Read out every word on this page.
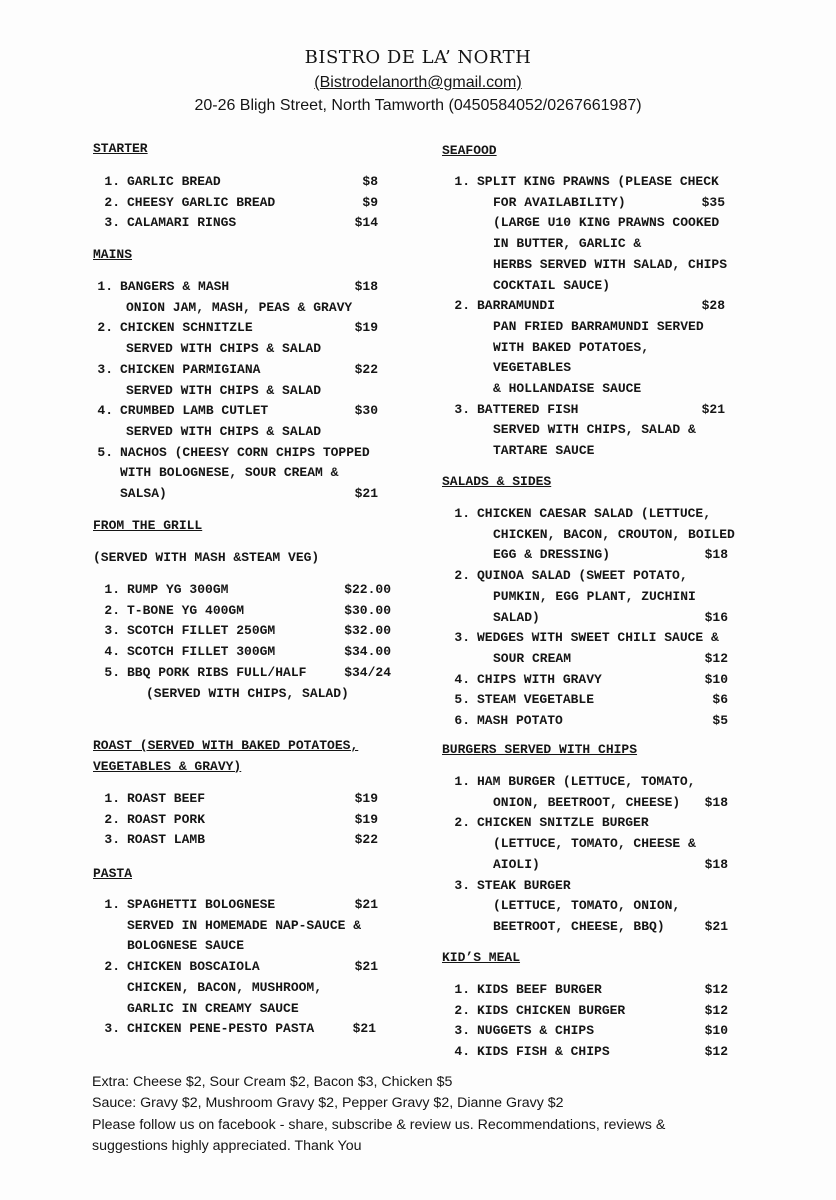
BISTRO DE LA’ NORTH
(Bistrodelanorth@gmail.com)
20-26 Bligh Street, North Tamworth (0450584052/0267661987)
STARTER
1. GARLIC BREAD	$8
2. CHEESY GARLIC BREAD	$9
3. CALAMARI RINGS	$14
MAINS
1. BANGERS & MASH	$18
ONION JAM, MASH, PEAS & GRAVY
2. CHICKEN SCHNITZLE	$19
SERVED WITH CHIPS & SALAD
3. CHICKEN PARMIGIANA	$22
SERVED WITH CHIPS & SALAD
4. CRUMBED LAMB CUTLET	$30
SERVED WITH CHIPS & SALAD
5. NACHOS (CHEESY CORN CHIPS TOPPED
WITH BOLOGNESE, SOUR CREAM &
SALSA)	$21
FROM THE GRILL
(SERVED WITH MASH &STEAM VEG)
1. RUMP YG 300GM	$22.00
2. T-BONE YG 400GM	$30.00
3. SCOTCH FILLET 250GM	$32.00
4. SCOTCH FILLET 300GM	$34.00
5. BBQ PORK RIBS FULL/HALF	$34/24
(SERVED WITH CHIPS, SALAD)
ROAST (SERVED WITH BAKED POTATOES,
VEGETABLES & GRAVY)
1. ROAST BEEF	$19
2. ROAST PORK	$19
3. ROAST LAMB	$22
PASTA
1. SPAGHETTI BOLOGNESE	$21
SERVED IN HOMEMADE NAP-SAUCE &
BOLOGNESE SAUCE
2. CHICKEN BOSCAIOLA	$21
CHICKEN, BACON, MUSHROOM,
GARLIC IN CREAMY SAUCE
3. CHICKEN PENE-PESTO PASTA	$21
SEAFOOD
1. SPLIT KING PRAWNS (PLEASE CHECK
FOR AVAILABILITY)	$35
(LARGE U10 KING PRAWNS COOKED
IN BUTTER, GARLIC &
HERBS SERVED WITH SALAD, CHIPS
COCKTAIL SAUCE)
2. BARRAMUNDI	$28
PAN FRIED BARRAMUNDI SERVED
WITH BAKED POTATOES,
VEGETABLES
& HOLLANDAISE SAUCE
3. BATTERED FISH	$21
SERVED WITH CHIPS, SALAD &
TARTARE SAUCE
SALADS & SIDES
1. CHICKEN CAESAR SALAD (LETTUCE,
CHICKEN, BACON, CROUTON, BOILED
EGG & DRESSING)	$18
2. QUINOA SALAD (SWEET POTATO,
PUMKIN, EGG PLANT, ZUCHINI
SALAD)	$16
3. WEDGES WITH SWEET CHILI SAUCE &
SOUR CREAM	$12
4. CHIPS WITH GRAVY	$10
5. STEAM VEGETABLE	$6
6. MASH POTATO	$5
BURGERS SERVED WITH CHIPS
1. HAM BURGER (LETTUCE, TOMATO,
ONION, BEETROOT, CHEESE) $18
2. CHICKEN SNITZLE BURGER
(LETTUCE, TOMATO, CHEESE &
AIOLI)	$18
3. STEAK BURGER
(LETTUCE, TOMATO, ONION,
BEETROOT, CHEESE, BBQ)	$21
KID’S MEAL
1. KIDS BEEF BURGER	$12
2. KIDS CHICKEN BURGER	$12
3. NUGGETS & CHIPS	$10
4. KIDS FISH & CHIPS	$12
Extra: Cheese $2, Sour Cream $2, Bacon $3, Chicken $5
Sauce: Gravy $2, Mushroom Gravy $2, Pepper Gravy $2, Dianne Gravy $2
Please follow us on facebook - share, subscribe & review us. Recommendations, reviews &
suggestions highly appreciated. Thank You
